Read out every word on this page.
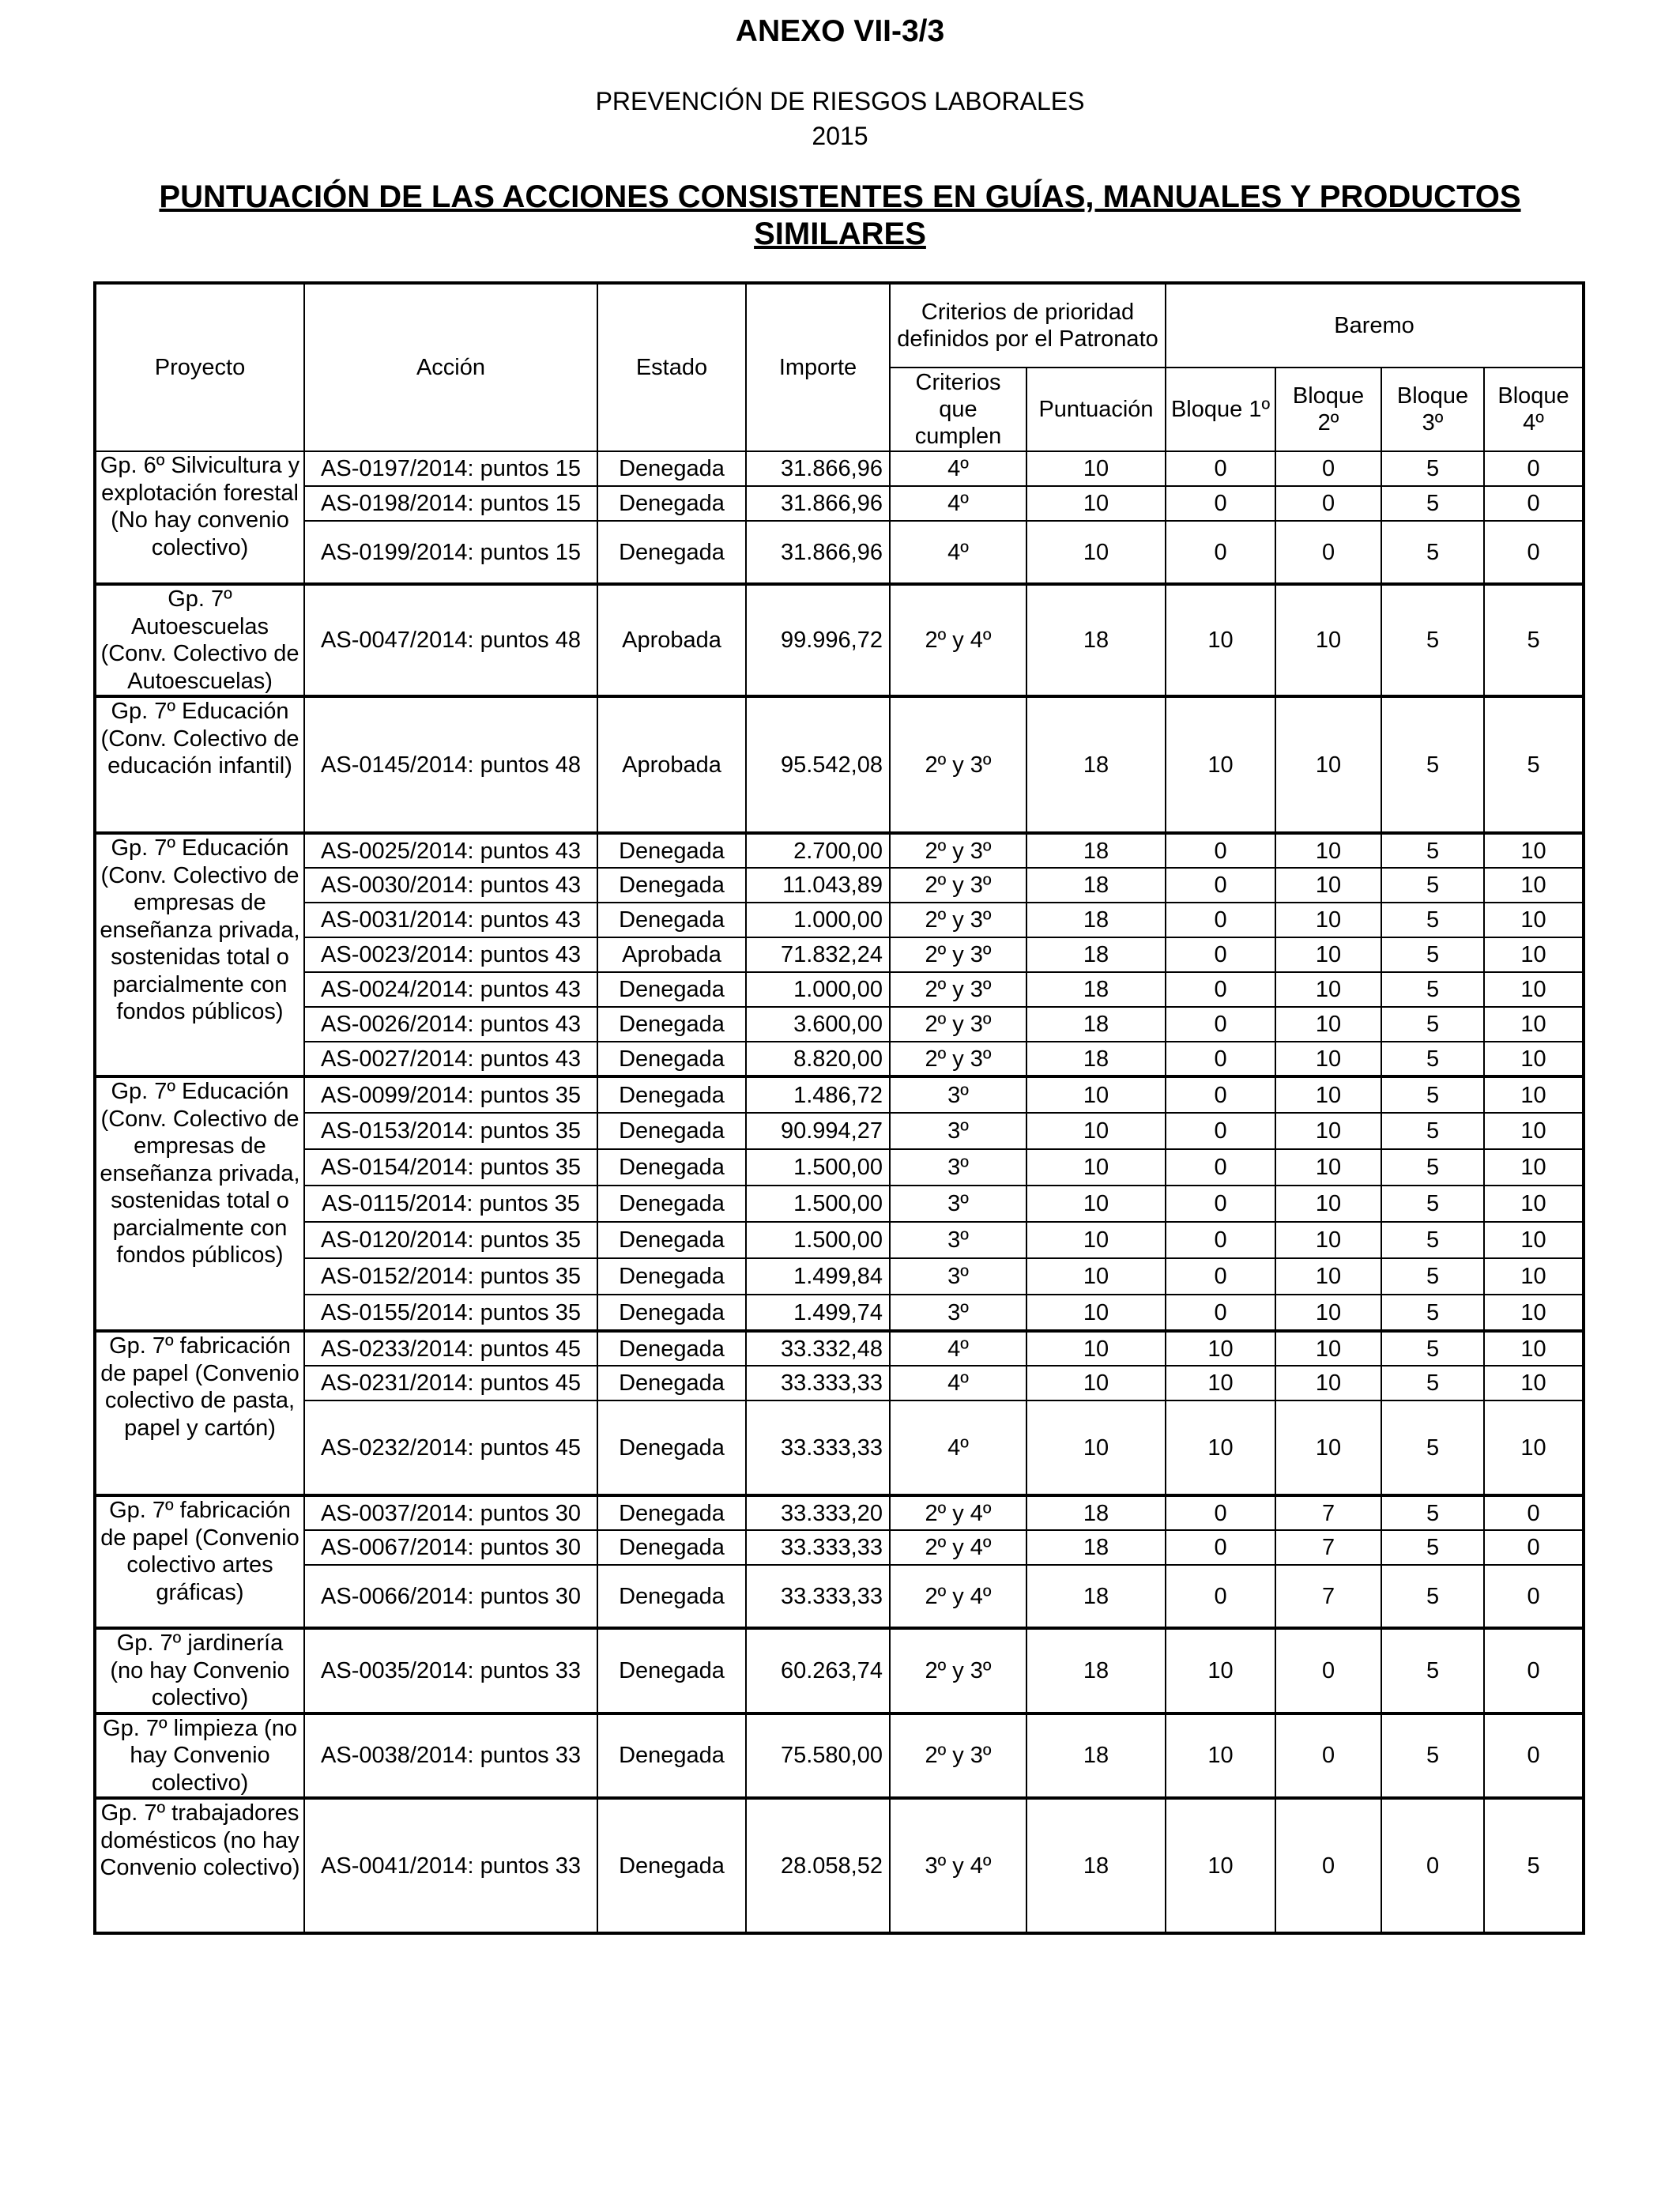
ANEXO VII-3/3
PREVENCIÓN DE RIESGOS LABORALES
2015
PUNTUACIÓN DE LAS ACCIONES CONSISTENTES EN GUÍAS, MANUALES Y PRODUCTOS SIMILARES
Proyecto	Acción	Estado	Importe	Criterios de prioridad definidos por el Patronato		Baremo			
				Criterios que cumplen	Puntuación	Bloque 1º	Bloque 2º	Bloque 3º	Bloque 4º
Gp. 6º Silvicultura y explotación forestal (No hay convenio colectivo)	AS-0197/2014: puntos 15	Denegada	31.866,96	4º	10	0	0	5	0
	AS-0198/2014: puntos 15	Denegada	31.866,96	4º	10	0	0	5	0
	AS-0199/2014: puntos 15	Denegada	31.866,96	4º	10	0	0	5	0
Gp. 7º Autoescuelas (Conv. Colectivo de Autoescuelas)	AS-0047/2014: puntos 48	Aprobada	99.996,72	2º y 4º	18	10	10	5	5
Gp. 7º Educación (Conv. Colectivo de educación infantil)	AS-0145/2014: puntos 48	Aprobada	95.542,08	2º y 3º	18	10	10	5	5
Gp. 7º Educación (Conv. Colectivo de empresas de enseñanza privada, sostenidas total o parcialmente con fondos públicos)	AS-0025/2014: puntos 43	Denegada	2.700,00	2º y 3º	18	0	10	5	10
	AS-0030/2014: puntos 43	Denegada	11.043,89	2º y 3º	18	0	10	5	10
	AS-0031/2014: puntos 43	Denegada	1.000,00	2º y 3º	18	0	10	5	10
	AS-0023/2014: puntos 43	Aprobada	71.832,24	2º y 3º	18	0	10	5	10
	AS-0024/2014: puntos 43	Denegada	1.000,00	2º y 3º	18	0	10	5	10
	AS-0026/2014: puntos 43	Denegada	3.600,00	2º y 3º	18	0	10	5	10
	AS-0027/2014: puntos 43	Denegada	8.820,00	2º y 3º	18	0	10	5	10
Gp. 7º Educación (Conv. Colectivo de empresas de enseñanza privada, sostenidas total o parcialmente con fondos públicos)	AS-0099/2014: puntos 35	Denegada	1.486,72	3º	10	0	10	5	10
	AS-0153/2014: puntos 35	Denegada	90.994,27	3º	10	0	10	5	10
	AS-0154/2014: puntos 35	Denegada	1.500,00	3º	10	0	10	5	10
	AS-0115/2014: puntos 35	Denegada	1.500,00	3º	10	0	10	5	10
	AS-0120/2014: puntos 35	Denegada	1.500,00	3º	10	0	10	5	10
	AS-0152/2014: puntos 35	Denegada	1.499,84	3º	10	0	10	5	10
	AS-0155/2014: puntos 35	Denegada	1.499,74	3º	10	0	10	5	10
Gp. 7º fabricación de papel (Convenio colectivo de pasta, papel y cartón)	AS-0233/2014: puntos 45	Denegada	33.332,48	4º	10	10	10	5	10
	AS-0231/2014: puntos 45	Denegada	33.333,33	4º	10	10	10	5	10
	AS-0232/2014: puntos 45	Denegada	33.333,33	4º	10	10	10	5	10
Gp. 7º fabricación de papel (Convenio colectivo artes gráficas)	AS-0037/2014: puntos 30	Denegada	33.333,20	2º y 4º	18	0	7	5	0
	AS-0067/2014: puntos 30	Denegada	33.333,33	2º y 4º	18	0	7	5	0
	AS-0066/2014: puntos 30	Denegada	33.333,33	2º y 4º	18	0	7	5	0
Gp. 7º jardinería (no hay Convenio colectivo)	AS-0035/2014: puntos 33	Denegada	60.263,74	2º y 3º	18	10	0	5	0
Gp. 7º limpieza (no hay Convenio colectivo)	AS-0038/2014: puntos 33	Denegada	75.580,00	2º y 3º	18	10	0	5	0
Gp. 7º trabajadores domésticos (no hay Convenio colectivo)	AS-0041/2014: puntos 33	Denegada	28.058,52	3º y 4º	18	10	0	0	5
